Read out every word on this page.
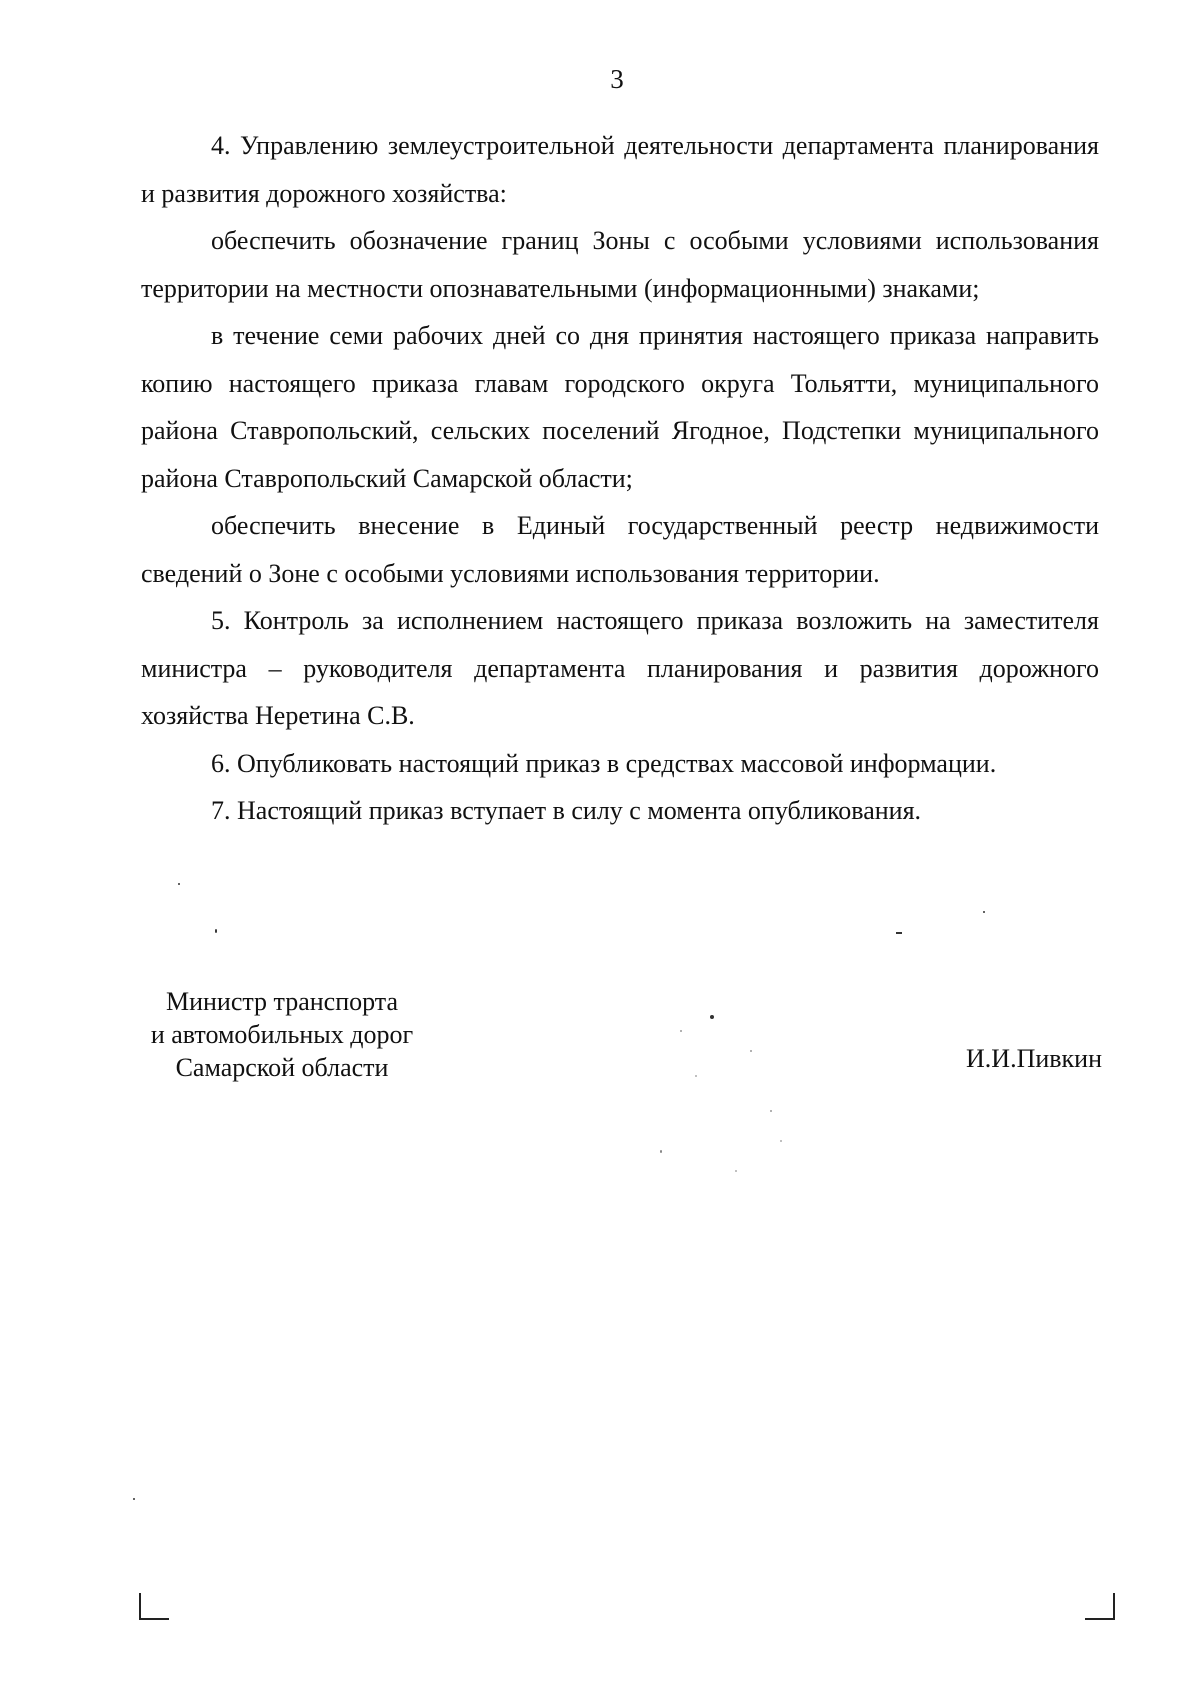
3

4. Управлению землеустроительной деятельности департамента планирования и развития дорожного хозяйства:

обеспечить обозначение границ Зоны с особыми условиями использования территории на местности опознавательными (информационными) знаками;

в течение семи рабочих дней со дня принятия настоящего приказа направить копию настоящего приказа главам городского округа Тольятти, муниципального района Ставропольский, сельских поселений Ягодное, Подстепки муниципального района Ставропольский Самарской области;

обеспечить внесение в Единый государственный реестр недвижимости сведений о Зоне с особыми условиями использования территории.

5. Контроль за исполнением настоящего приказа возложить на заместителя министра – руководителя департамента планирования и развития дорожного хозяйства Неретина С.В.

6. Опубликовать настоящий приказ в средствах массовой информации.

7. Настоящий приказ вступает в силу с момента опубликования.

Министр транспорта
и автомобильных дорог
Самарской области	И.И.Пивкин
